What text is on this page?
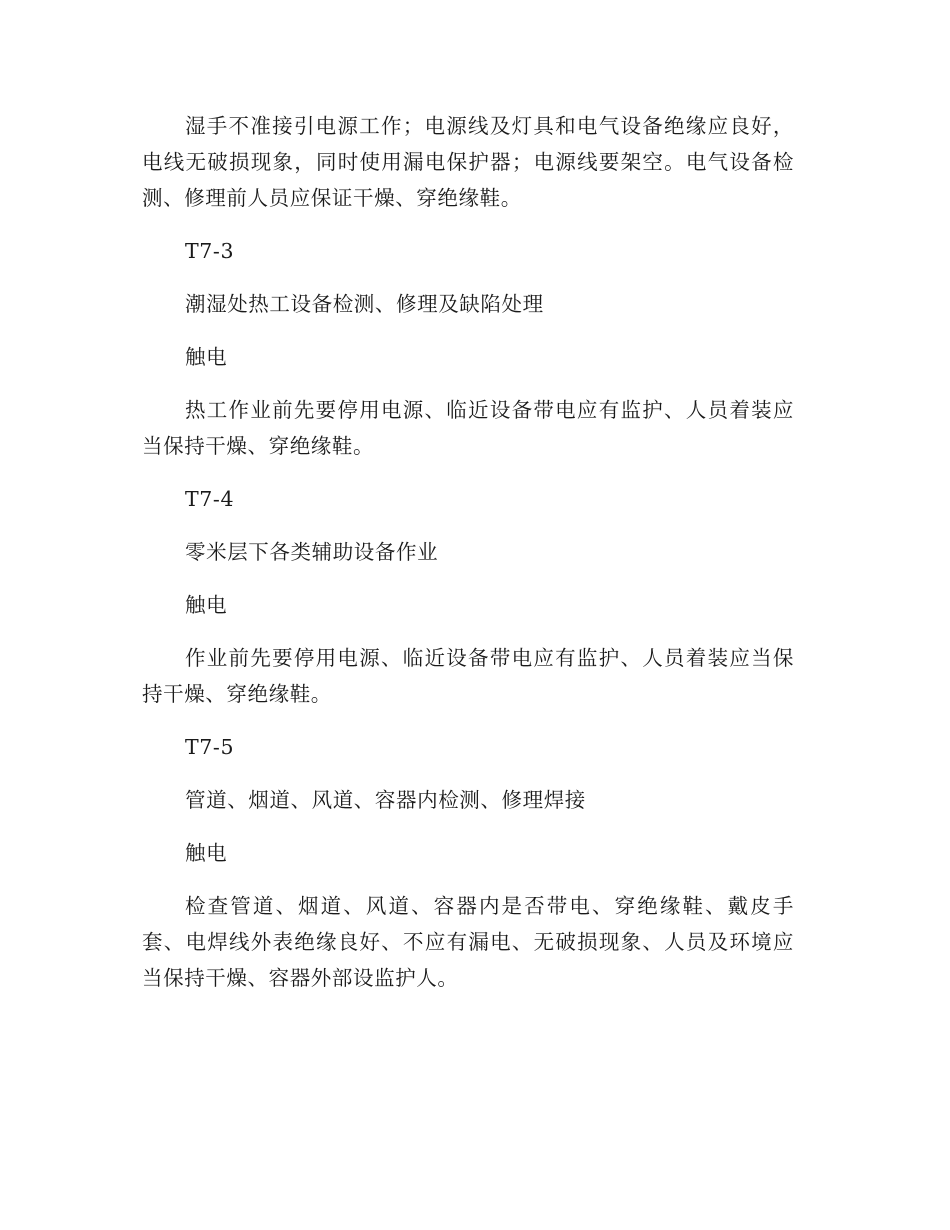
湿手不准接引电源工作；电源线及灯具和电气设备绝缘应良好，电线无破损现象，同时使用漏电保护器；电源线要架空。电气设备检测、修理前人员应保证干燥、穿绝缘鞋。

T7-3

潮湿处热工设备检测、修理及缺陷处理

触电

热工作业前先要停用电源、临近设备带电应有监护、人员着装应当保持干燥、穿绝缘鞋。

T7-4

零米层下各类辅助设备作业

触电

作业前先要停用电源、临近设备带电应有监护、人员着装应当保持干燥、穿绝缘鞋。

T7-5

管道、烟道、风道、容器内检测、修理焊接

触电

检查管道、烟道、风道、容器内是否带电、穿绝缘鞋、戴皮手套、电焊线外表绝缘良好、不应有漏电、无破损现象、人员及环境应当保持干燥、容器外部设监护人。
